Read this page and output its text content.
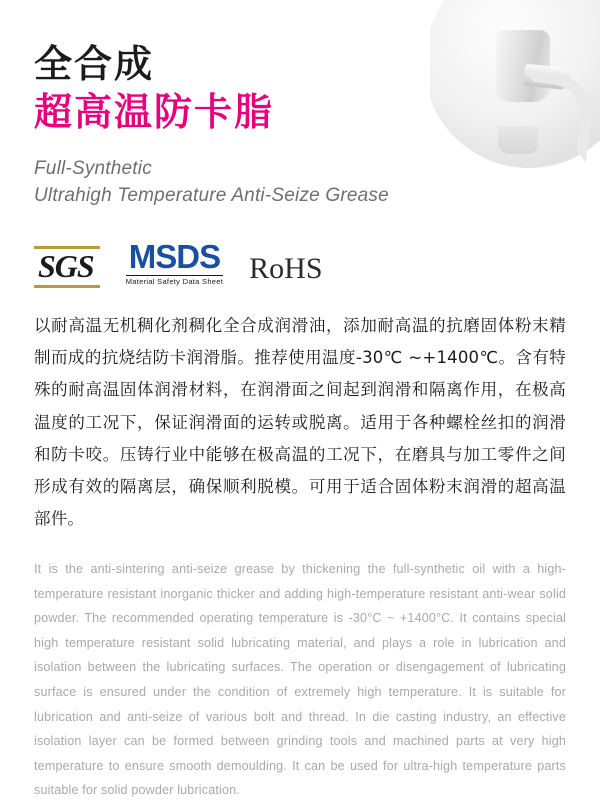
全合成
超高温防卡脂
Full-Synthetic
Ultrahigh Temperature Anti-Seize Grease
SGS MSDS
Material Safety Data Sheet RoHS
以耐高温无机稠化剂稠化全合成润滑油，添加耐高温的抗磨固体粉末精制而成的抗烧结防卡润滑脂。推荐使用温度-30℃ ~+1400℃。含有特殊的耐高温固体润滑材料，在润滑面之间起到润滑和隔离作用，在极高温度的工况下，保证润滑面的运转或脱离。适用于各种螺栓丝扣的润滑和防卡咬。压铸行业中能够在极高温的工况下，在磨具与加工零件之间形成有效的隔离层，确保顺利脱模。可用于适合固体粉末润滑的超高温部件。
It is the anti-sintering anti-seize grease by thickening the full-synthetic oil with a high-temperature resistant inorganic thicker and adding high-temperature resistant anti-wear solid powder. The recommended operating temperature is -30°C ~ +1400°C. It contains special high temperature resistant solid lubricating material, and plays a role in lubrication and isolation between the lubricating surfaces. The operation or disengagement of lubricating surface is ensured under the condition of extremely high temperature. It is suitable for lubrication and anti-seize of various bolt and thread. In die casting industry, an effective isolation layer can be formed between grinding tools and machined parts at very high temperature to ensure smooth demoulding. It can be used for ultra-high temperature parts suitable for solid powder lubrication.
